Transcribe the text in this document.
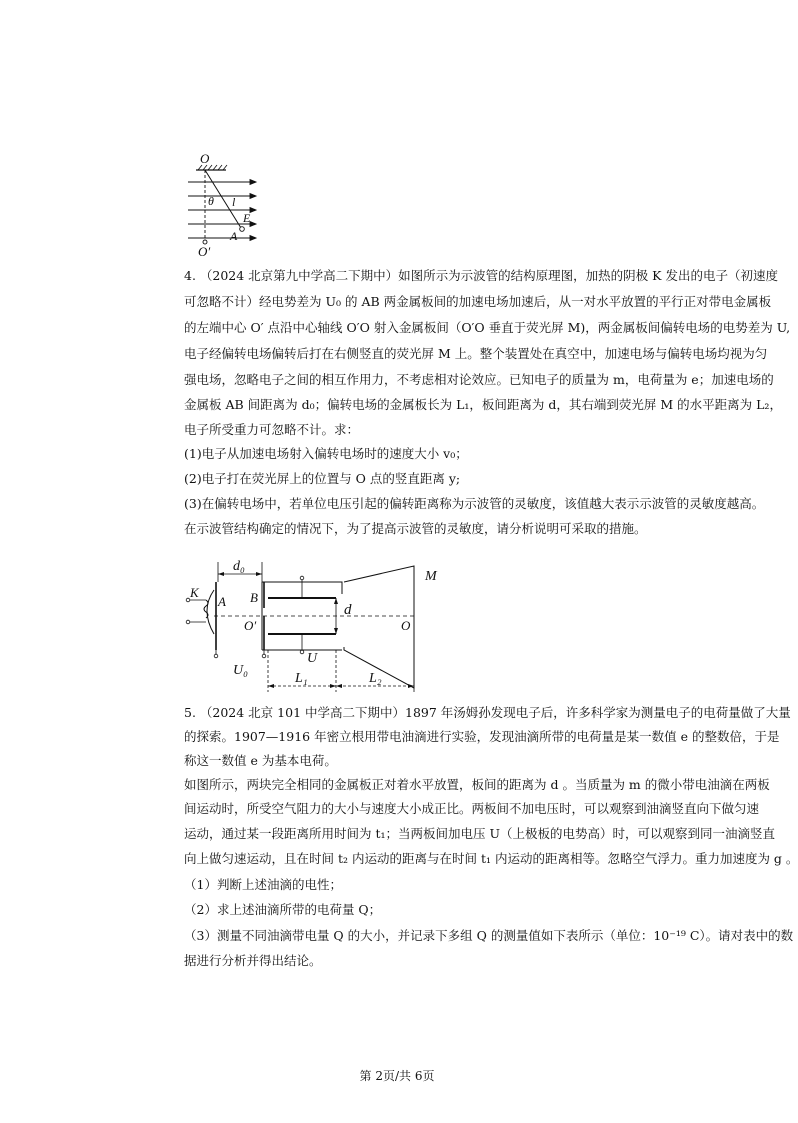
O
θ l
E
A
O′
4. （2024 北京第九中学高二下期中）如图所示为示波管的结构原理图，加热的阴极 K 发出的电子（初速度
可忽略不计）经电势差为 U₀ 的 AB 两金属板间的加速电场加速后，从一对水平放置的平行正对带电金属板
的左端中心 O′ 点沿中心轴线 O′O 射入金属板间（O′O 垂直于荧光屏 M)，两金属板间偏转电场的电势差为 U,
电子经偏转电场偏转后打在右侧竖直的荧光屏 M 上。整个装置处在真空中，加速电场与偏转电场均视为匀
强电场，忽略电子之间的相互作用力，不考虑相对论效应。已知电子的质量为 m，电荷量为 e；加速电场的
金属板 AB 间距离为 d₀；偏转电场的金属板长为 L₁，板间距离为 d，其右端到荧光屏 M 的水平距离为 L₂，
电子所受重力可忽略不计。求：
(1)电子从加速电场射入偏转电场时的速度大小 v₀；
(2)电子打在荧光屏上的位置与 O 点的竖直距离 y;
(3)在偏转电场中，若单位电压引起的偏转距离称为示波管的灵敏度，该值越大表示示波管的灵敏度越高。
在示波管结构确定的情况下，为了提高示波管的灵敏度，请分析说明可采取的措施。
d₀
K
A B
U₀
U
d
O′	O
M
L₁	L₂
5. （2024 北京 101 中学高二下期中）1897 年汤姆孙发现电子后，许多科学家为测量电子的电荷量做了大量
的探索。1907—1916 年密立根用带电油滴进行实验，发现油滴所带的电荷量是某一数值 e 的整数倍，于是
称这一数值 e 为基本电荷。
如图所示，两块完全相同的金属板正对着水平放置，板间的距离为 d 。当质量为 m 的微小带电油滴在两板
间运动时，所受空气阻力的大小与速度大小成正比。两板间不加电压时，可以观察到油滴竖直向下做匀速
运动，通过某一段距离所用时间为 t₁；当两板间加电压 U（上极板的电势高）时，可以观察到同一油滴竖直
向上做匀速运动，且在时间 t₂ 内运动的距离与在时间 t₁ 内运动的距离相等。忽略空气浮力。重力加速度为 g 。
（1）判断上述油滴的电性；
（2）求上述油滴所带的电荷量 Q；
（3）测量不同油滴带电量 Q 的大小，并记录下多组 Q 的测量值如下表所示（单位：10⁻¹⁹ C）。请对表中的数
据进行分析并得出结论。
第 2页/共 6页
